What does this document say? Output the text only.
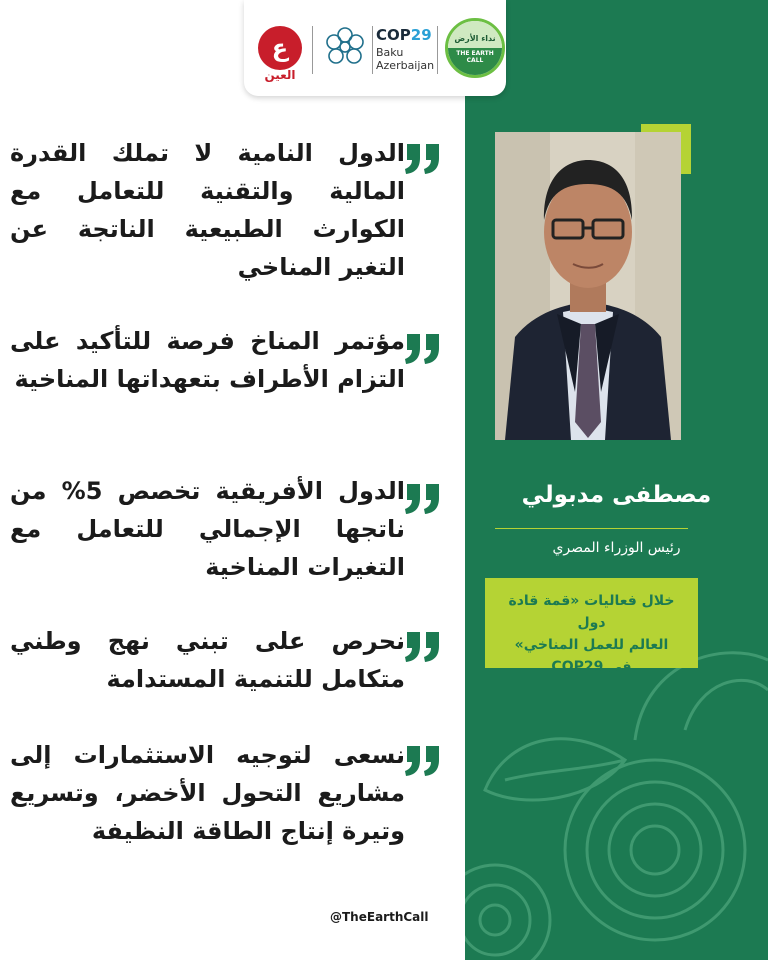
ع
العين
COP29
Baku
Azerbaijan
نداء الأرض
THE EARTH CALL

الدول النامية لا تملك القدرة المالية والتقنية للتعامل مع الكوارث الطبيعية الناتجة عن التغير المناخي

مؤتمر المناخ فرصة للتأكيد على التزام الأطراف بتعهداتها المناخية

الدول الأفريقية تخصص 5% من ناتجها الإجمالي للتعامل مع التغيرات المناخية

نحرص على تبني نهج وطني متكامل للتنمية المستدامة

نسعى لتوجيه الاستثمارات إلى مشاريع التحول الأخضر، وتسريع وتيرة إنتاج الطاقة النظيفة

مصطفى مدبولي
رئيس الوزراء المصري
خلال فعاليات «قمة قادة دول
العالم للعمل المناخي»
في COP29
@TheEarthCall
